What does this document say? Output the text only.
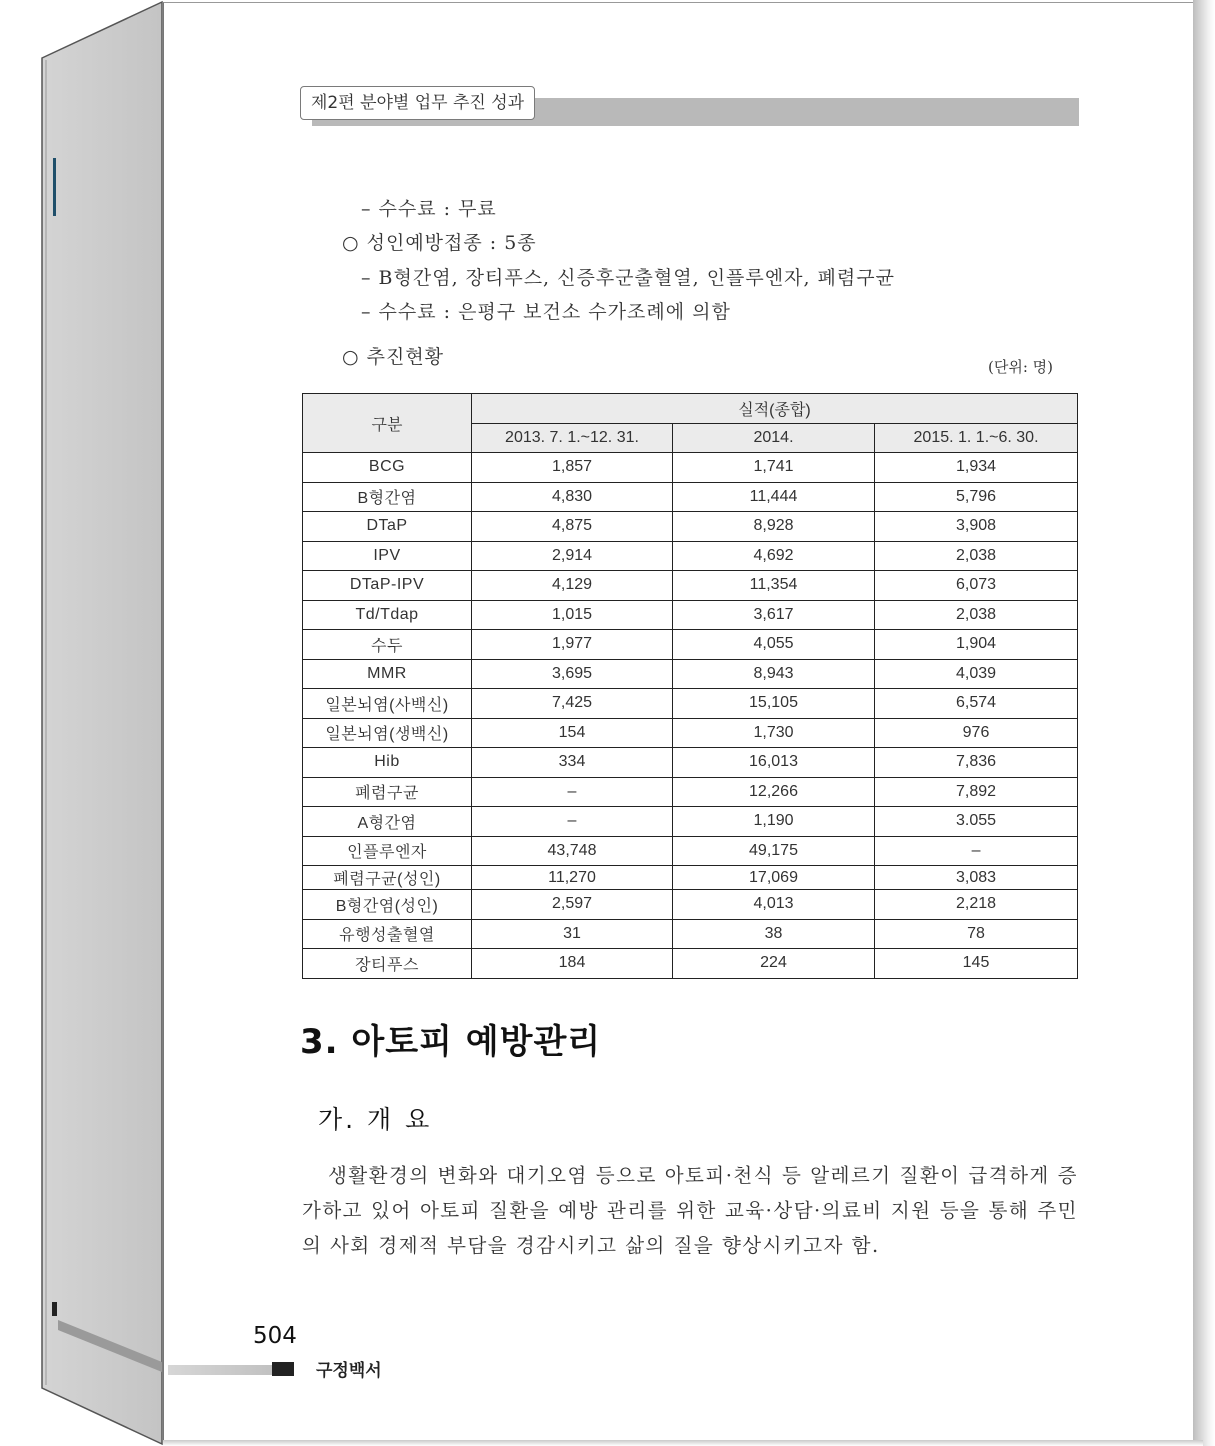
제2편 분야별 업무 추진 성과
– 수수료 : 무료
○ 성인예방접종 : 5종
– B형간염, 장티푸스, 신증후군출혈열, 인플루엔자, 폐렴구균
– 수수료 : 은평구 보건소 수가조례에 의함
○ 추진현황	(단위: 명)
구분	실적(종합)		
	2013. 7. 1.~12. 31.	2014.	2015. 1. 1.~6. 30.
BCG	1,857	1,741	1,934
B형간염	4,830	11,444	5,796
DTaP	4,875	8,928	3,908
IPV	2,914	4,692	2,038
DTaP-IPV	4,129	11,354	6,073
Td/Tdap	1,015	3,617	2,038
수두	1,977	4,055	1,904
MMR	3,695	8,943	4,039
일본뇌염(사백신)	7,425	15,105	6,574
일본뇌염(생백신)	154	1,730	976
Hib	334	16,013	7,836
폐렴구균	–	12,266	7,892
A형간염	–	1,190	3.055
인플루엔자	43,748	49,175	–
폐렴구균(성인)	11,270	17,069	3,083
B형간염(성인)	2,597	4,013	2,218
유행성출혈열	31	38	78
장티푸스	184	224	145
3. 아토피 예방관리
가. 개 요
생활환경의 변화와 대기오염 등으로 아토피·천식 등 알레르기 질환이 급격하게 증가하고 있어 아토피 질환을 예방 관리를 위한 교육·상담·의료비 지원 등을 통해 주민의 사회 경제적 부담을 경감시키고 삶의 질을 향상시키고자 함.
504
구정백서
